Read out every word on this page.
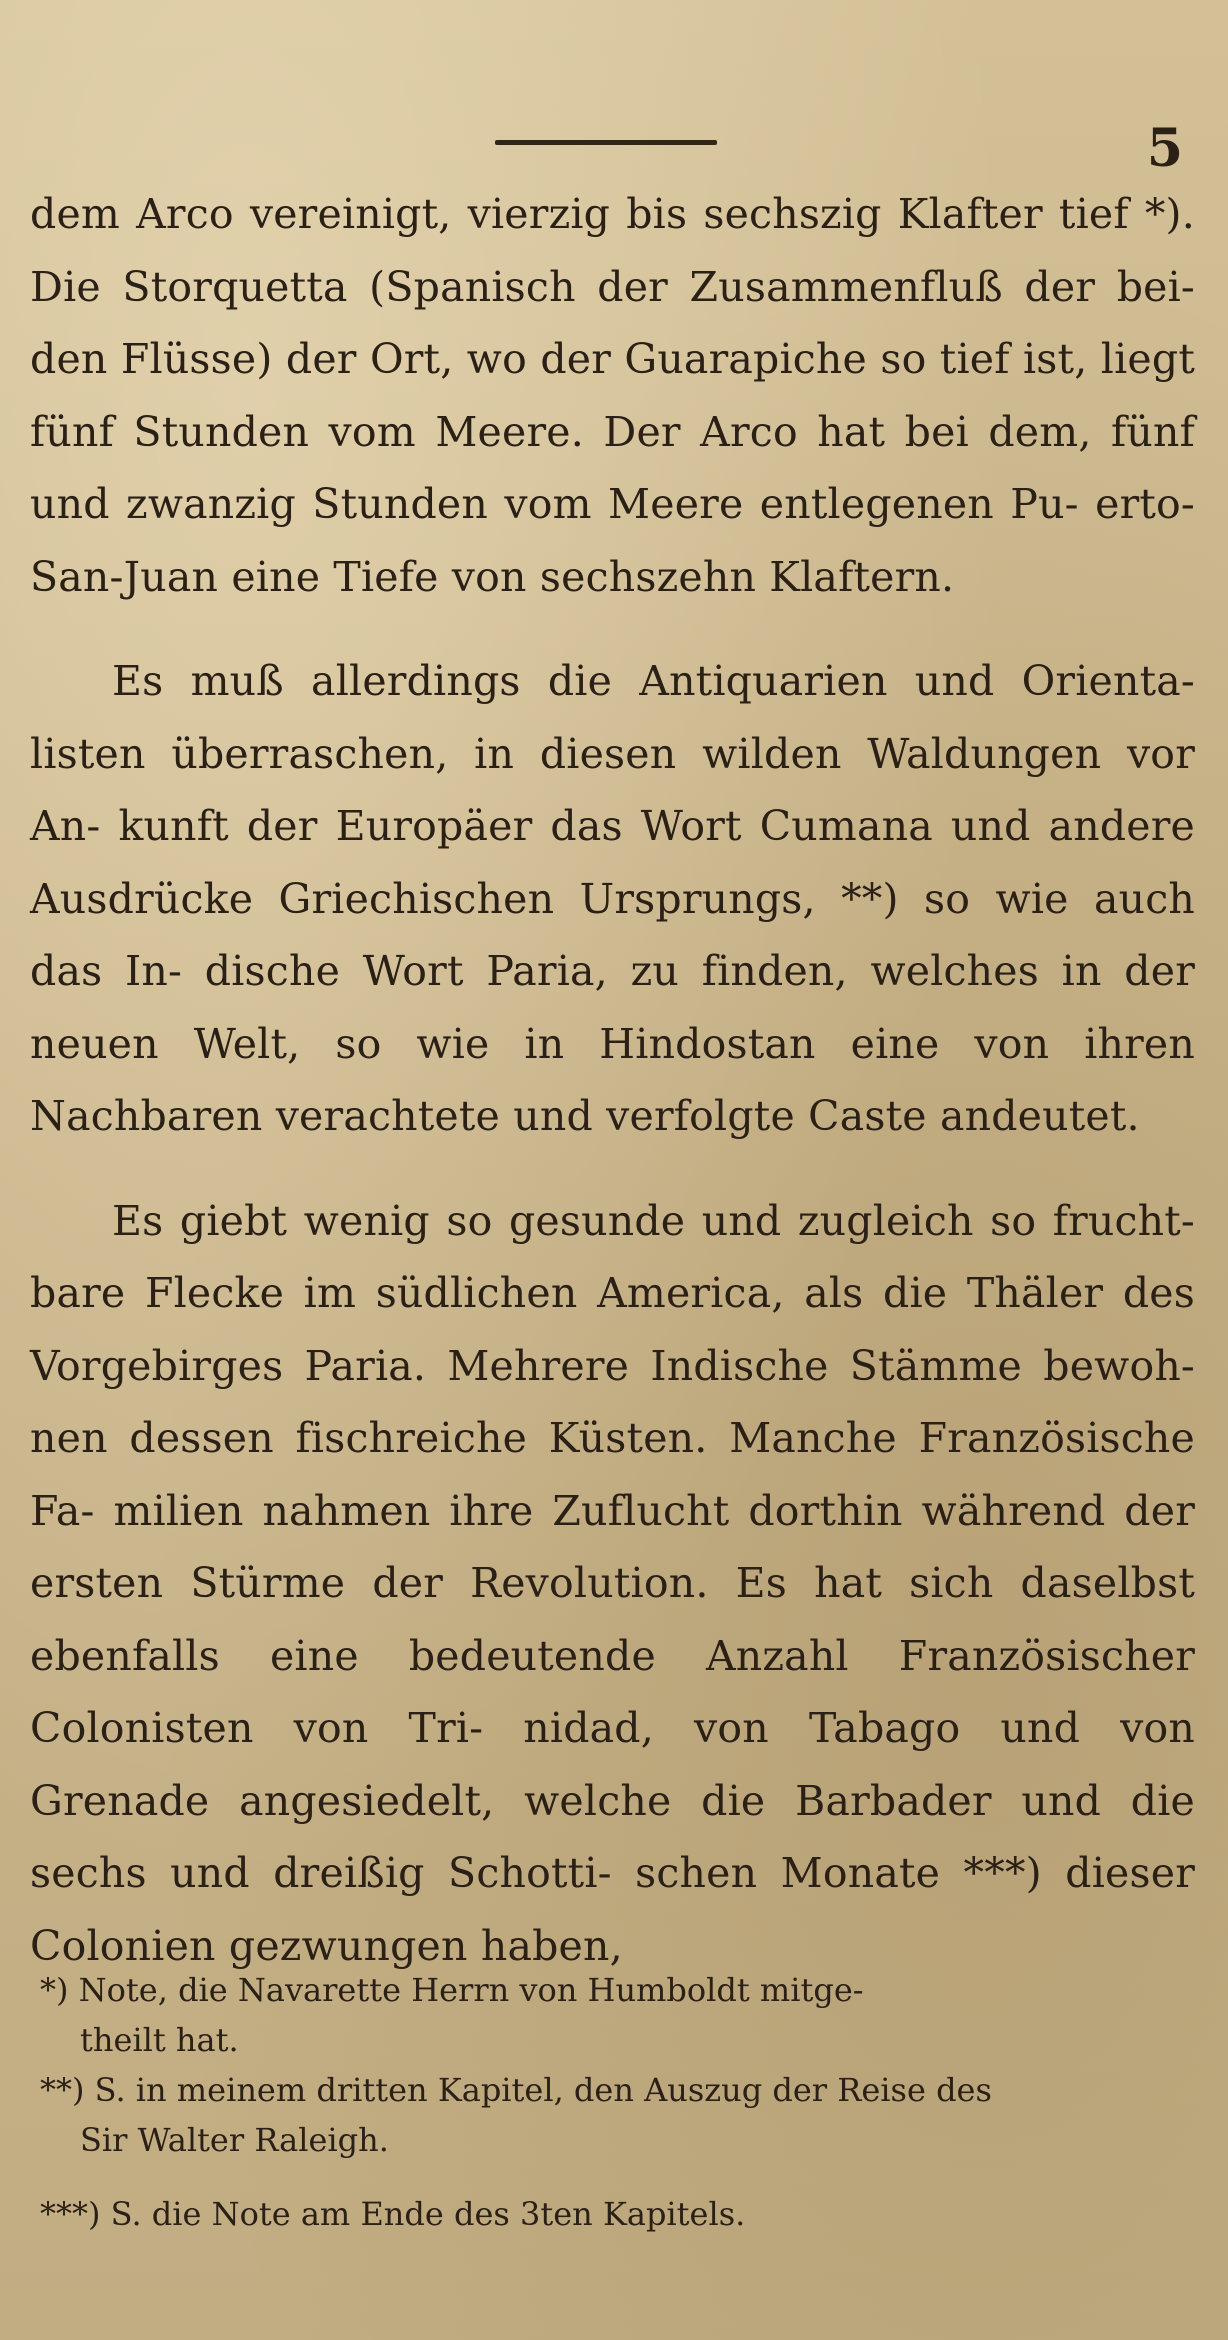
5

dem Arco vereinigt, vierzig bis sechszig Klafter tief *). Die Storquetta (Spanisch der Zusammenfluß der bei- den Flüsse) der Ort, wo der Guarapiche so tief ist, liegt fünf Stunden vom Meere. Der Arco hat bei dem, fünf und zwanzig Stunden vom Meere entlegenen Pu- erto-San-Juan eine Tiefe von sechszehn Klaftern.

Es muß allerdings die Antiquarien und Orienta- listen überraschen, in diesen wilden Waldungen vor An- kunft der Europäer das Wort Cumana und andere Ausdrücke Griechischen Ursprungs, **) so wie auch das In- dische Wort Paria, zu finden, welches in der neuen Welt, so wie in Hindostan eine von ihren Nachbaren verachtete und verfolgte Caste andeutet.

Es giebt wenig so gesunde und zugleich so frucht- bare Flecke im südlichen America, als die Thäler des Vorgebirges Paria. Mehrere Indische Stämme bewoh- nen dessen fischreiche Küsten. Manche Französische Fa- milien nahmen ihre Zuflucht dorthin während der ersten Stürme der Revolution. Es hat sich daselbst ebenfalls eine bedeutende Anzahl Französischer Colonisten von Tri- nidad, von Tabago und von Grenade angesiedelt, welche die Barbader und die sechs und dreißig Schotti- schen Monate ***) dieser Colonien gezwungen haben,

*) Note, die Navarette Herrn von Humboldt mitge-
theilt hat.
**) S. in meinem dritten Kapitel, den Auszug der Reise des
Sir Walter Raleigh.
***) S. die Note am Ende des 3ten Kapitels.
